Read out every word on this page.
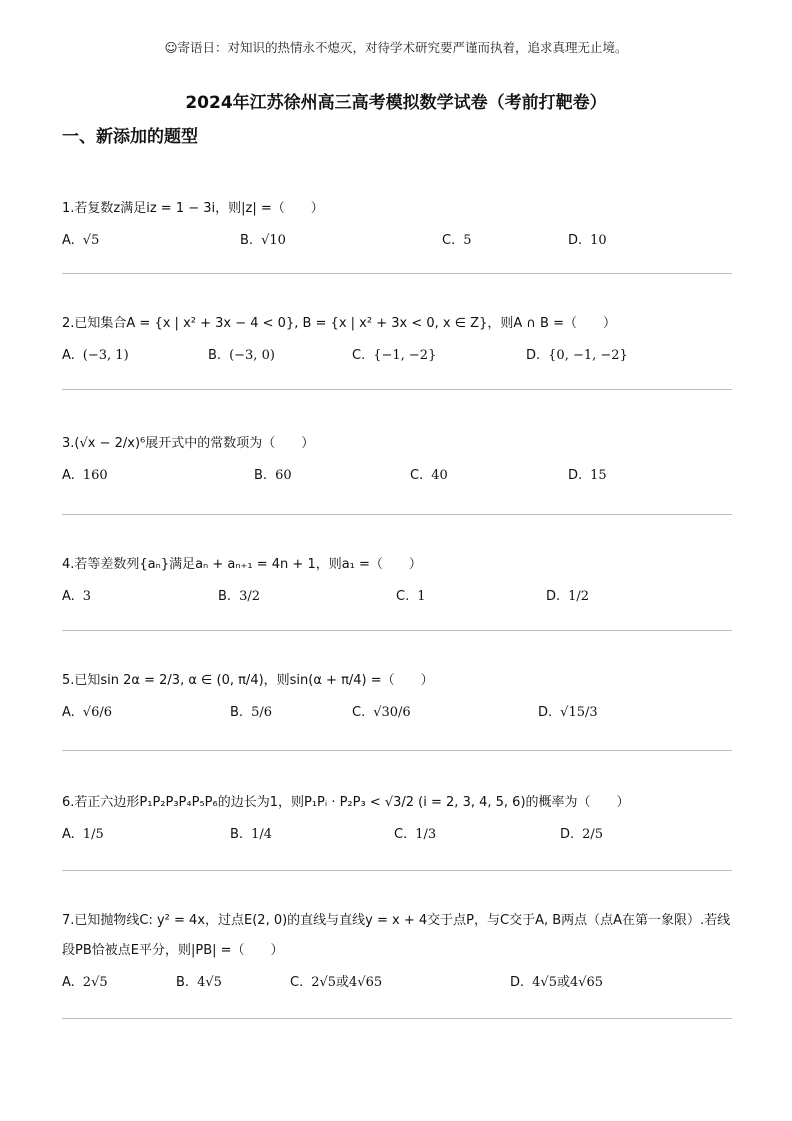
☺寄语日：对知识的热情永不熄灭，对待学术研究要严谨而执着，追求真理无止境。
2024年江苏徐州高三高考模拟数学试卷（考前打靶卷）
一、新添加的题型
1.若复数z满足iz = 1 − 3i，则|z| =（　　）
A. √5	B. √10	C. 5	D. 10
2.已知集合A = {x | x² + 3x − 4 < 0}, B = {x | x² + 3x < 0, x ∈ Z}，则A ∩ B =（　　）
A. (−3, 1)	B. (−3, 0)	C. {−1, −2}	D. {0, −1, −2}
3.(√x − 2/x)⁶展开式中的常数项为（　　）
A. 160	B. 60	C. 40	D. 15
4.若等差数列{aₙ}满足aₙ + aₙ₊₁ = 4n + 1，则a₁ =（　　）
A. 3	B. 3/2	C. 1	D. 1/2
5.已知sin 2α = 2/3, α ∈ (0, π/4)，则sin(α + π/4) =（　　）
A. √6/6	B. 5/6	C. √30/6	D. √15/3
6.若正六边形P₁P₂P₃P₄P₅P₆的边长为1，则P₁Pᵢ · P₂P₃ < √3/2 (i = 2, 3, 4, 5, 6)的概率为（　　）
A. 1/5	B. 1/4	C. 1/3	D. 2/5
7.已知抛物线C: y² = 4x，过点E(2, 0)的直线与直线y = x + 4交于点P，与C交于A, B两点（点A在第一象限）.若线段PB恰被点E平分，则|PB| =（　　）
A. 2√5	B. 4√5	C. 2√5或4√65	D. 4√5或4√65
